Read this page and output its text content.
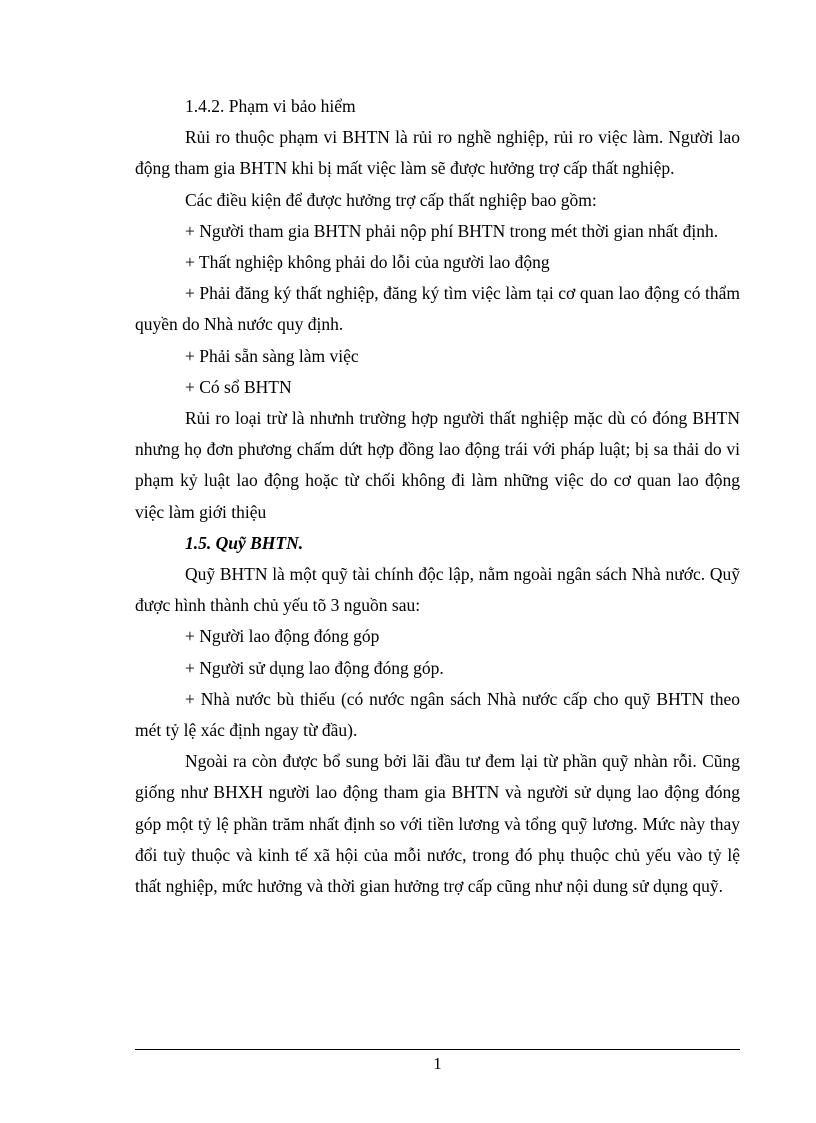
1.4.2. Phạm vi bảo hiểm

Rủi ro thuộc phạm vi BHTN là rủi ro nghề nghiệp, rủi ro việc làm. Người lao động tham gia BHTN khi bị mất việc làm sẽ được hưởng trợ cấp thất nghiệp.

Các điều kiện để được hưởng trợ cấp thất nghiệp bao gồm:

+ Người tham gia BHTN phải nộp phí BHTN trong mét thời gian nhất định.

+ Thất nghiệp không phải do lỗi của người lao động

+ Phải đăng ký thất nghiệp, đăng ký tìm việc làm tại cơ quan lao động có thẩm quyền do Nhà nước quy định.

+ Phải sẵn sàng làm việc

+ Có sổ BHTN

Rủi ro loại trừ là nhưnh trường hợp người thất nghiệp mặc dù có đóng BHTN nhưng họ đơn phương chấm dứt hợp đồng lao động trái với pháp luật; bị sa thải do vi phạm kỷ luật lao động hoặc từ chối không đi làm những việc do cơ quan lao động việc làm giới thiệu

1.5. Quỹ BHTN.

Quỹ BHTN là một quỹ tài chính độc lập, nằm ngoài ngân sách Nhà nước. Quỹ được hình thành chủ yếu tõ 3 nguồn sau:

+ Người lao động đóng góp

+ Người sử dụng lao động đóng góp.

+ Nhà nước bù thiếu (có nước ngân sách Nhà nước cấp cho quỹ BHTN theo mét tỷ lệ xác định ngay từ đầu).

Ngoài ra còn được bổ sung bởi lãi đầu tư đem lại từ phần quỹ nhàn rỗi. Cũng giống như BHXH người lao động tham gia BHTN và người sử dụng lao động đóng góp một tỷ lệ phần trăm nhất định so với tiền lương và tổng quỹ lương. Mức này thay đổi tuỳ thuộc và kinh tế xã hội của mỗi nước, trong đó phụ thuộc chủ yếu vào tỷ lệ thất nghiệp, mức hưởng và thời gian hưởng trợ cấp cũng như nội dung sử dụng quỹ.

1
